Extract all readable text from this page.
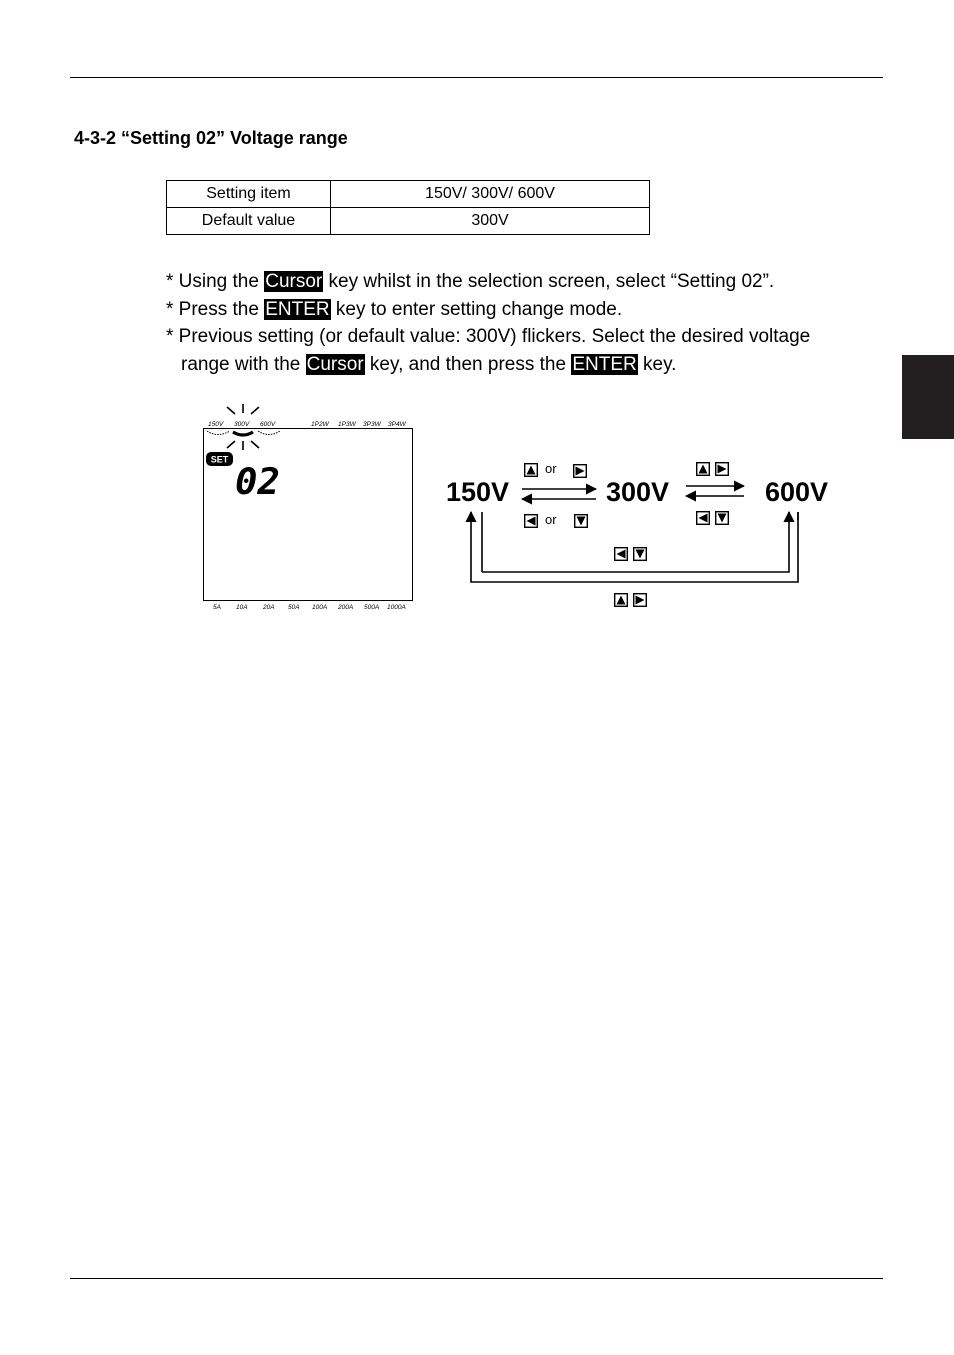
4-3-2 “Setting 02” Voltage range
Setting item	150V/ 300V/ 600V
Default value	300V

* Using the Cursor key whilst in the selection screen, select “Setting 02”.

* Press the ENTER key to enter setting change mode.

* Previous setting (or default value: 300V) flickers. Select the desired voltage

range with the Cursor key, and then press the ENTER key.

150V 300V 600V	1P2W 1P3W 3P3W 3P4W
SET
02
5A 10A 20A 50A 100A 200A 500A 1000A
150V	300V	600V
or
or
